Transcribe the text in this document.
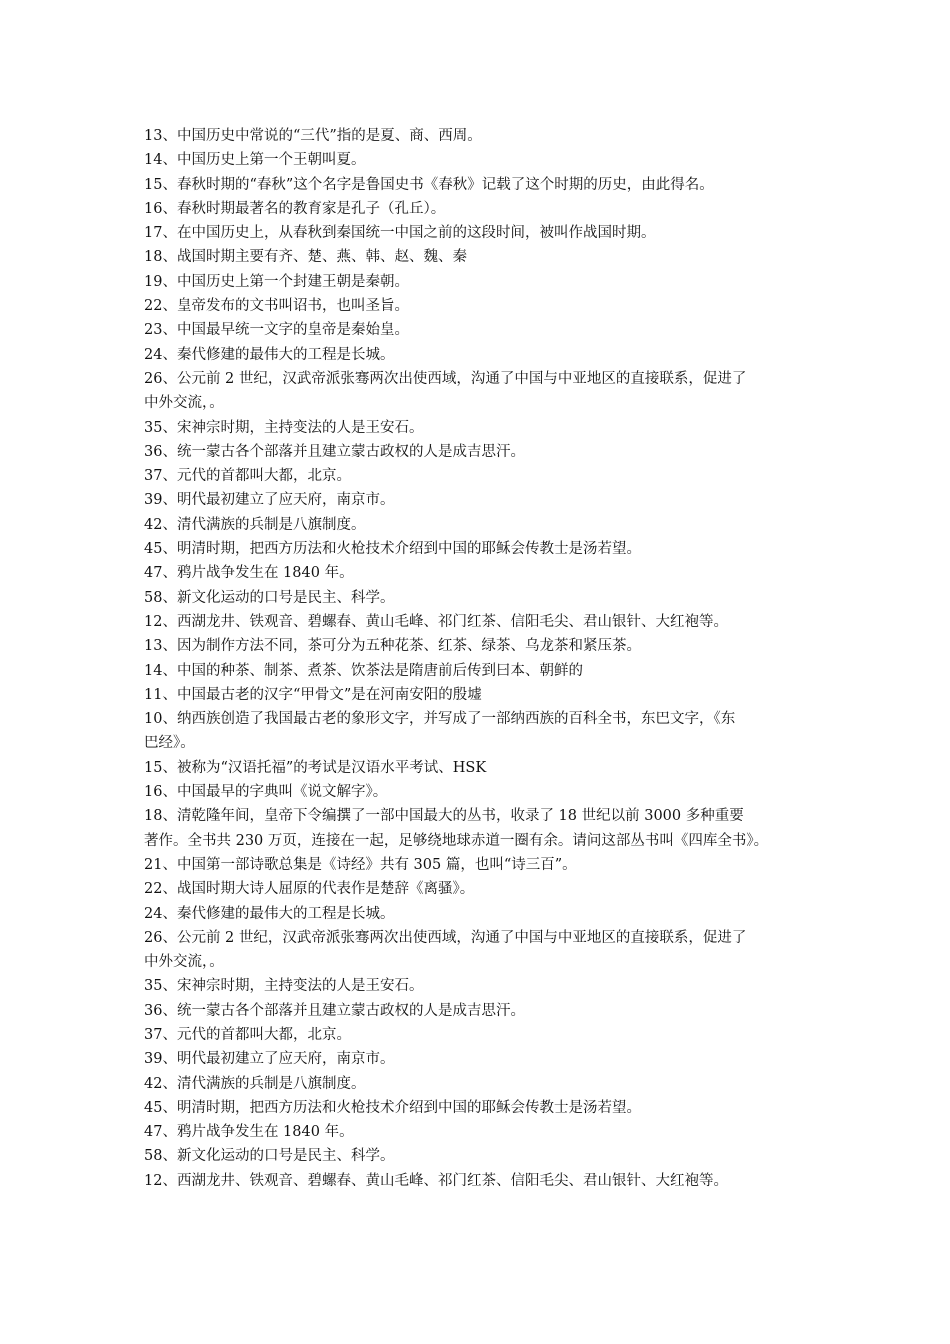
13、中国历史中常说的“三代”指的是夏、商、西周。

14、中国历史上第一个王朝叫夏。

15、春秋时期的“春秋”这个名字是鲁国史书《春秋》记载了这个时期的历史，由此得名。

16、春秋时期最著名的教育家是孔子（孔丘）。

17、在中国历史上，从春秋到秦国统一中国之前的这段时间，被叫作战国时期。

18、战国时期主要有齐、楚、燕、韩、赵、魏、秦

19、中国历史上第一个封建王朝是秦朝。

22、皇帝发布的文书叫诏书，也叫圣旨。

23、中国最早统一文字的皇帝是秦始皇。

24、秦代修建的最伟大的工程是长城。

26、公元前 2 世纪，汉武帝派张骞两次出使西域，沟通了中国与中亚地区的直接联系，促进了

中外交流，。

35、宋神宗时期，主持变法的人是王安石。

36、统一蒙古各个部落并且建立蒙古政权的人是成吉思汗。

37、元代的首都叫大都，北京。

39、明代最初建立了应天府，南京市。

42、清代满族的兵制是八旗制度。

45、明清时期，把西方历法和火枪技术介绍到中国的耶稣会传教士是汤若望。

47、鸦片战争发生在 1840 年。

58、新文化运动的口号是民主、科学。

12、西湖龙井、铁观音、碧螺春、黄山毛峰、祁门红茶、信阳毛尖、君山银针、大红袍等。

13、因为制作方法不同，茶可分为五种花茶、红茶、绿茶、乌龙茶和紧压茶。

14、中国的种茶、制茶、煮茶、饮茶法是隋唐前后传到曰本、朝鲜的

11、中国最古老的汉字“甲骨文”是在河南安阳的殷墟

10、纳西族创造了我国最古老的象形文字，并写成了一部纳西族的百科全书，东巴文字，《东

巴经》。

15、被称为“汉语托福”的考试是汉语水平考试、HSK

16、中国最早的字典叫《说文解字》。

18、清乾隆年间，皇帝下令编撰了一部中国最大的丛书，收录了 18 世纪以前 3000 多种重要

著作。全书共 230 万页，连接在一起，足够绕地球赤道一圈有余。请问这部丛书叫《四库全书》。

21、中国第一部诗歌总集是《诗经》共有 305 篇，也叫“诗三百”。

22、战国时期大诗人屈原的代表作是楚辞《离骚》。

24、秦代修建的最伟大的工程是长城。

26、公元前 2 世纪，汉武帝派张骞两次出使西域，沟通了中国与中亚地区的直接联系，促进了

中外交流，。

35、宋神宗时期，主持变法的人是王安石。

36、统一蒙古各个部落并且建立蒙古政权的人是成吉思汗。

37、元代的首都叫大都，北京。

39、明代最初建立了应天府，南京市。

42、清代满族的兵制是八旗制度。

45、明清时期，把西方历法和火枪技术介绍到中国的耶稣会传教士是汤若望。

47、鸦片战争发生在 1840 年。

58、新文化运动的口号是民主、科学。

12、西湖龙井、铁观音、碧螺春、黄山毛峰、祁门红茶、信阳毛尖、君山银针、大红袍等。
